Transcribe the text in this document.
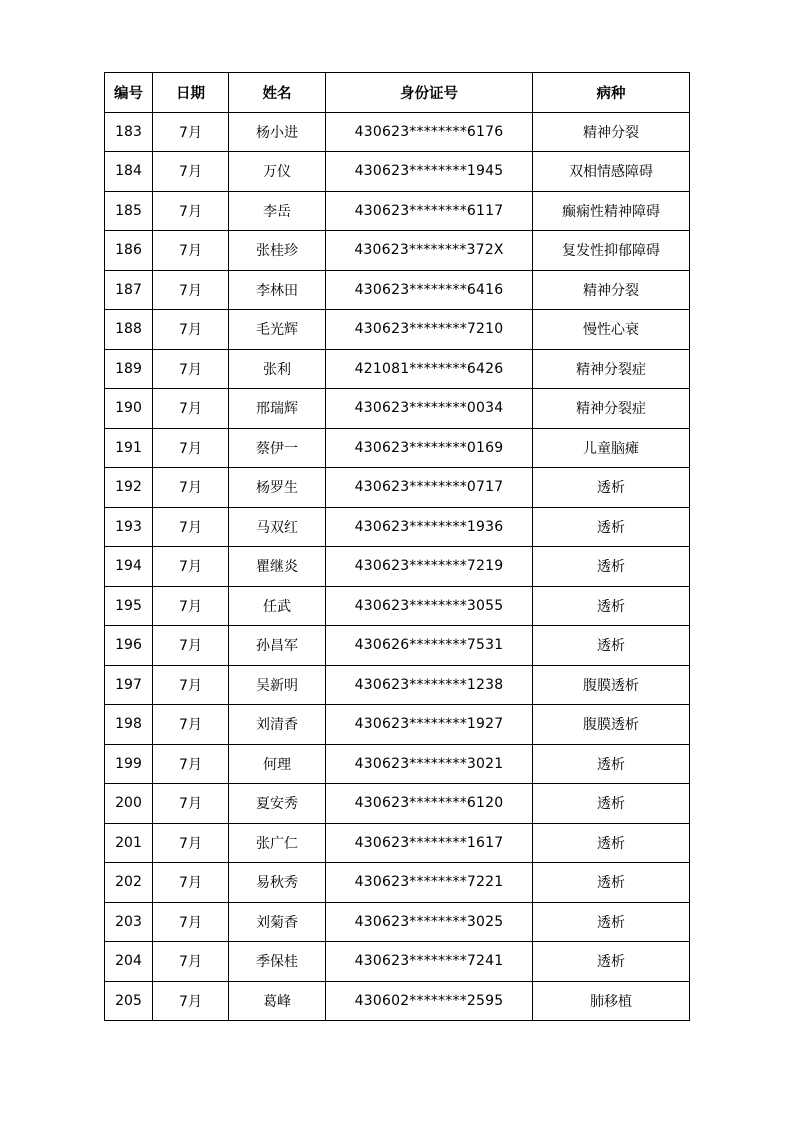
编号	日期	姓名	身份证号	病种
183	7月	杨小进	430623********6176	精神分裂
184	7月	万仪	430623********1945	双相情感障碍
185	7月	李岳	430623********6117	癫痫性精神障碍
186	7月	张桂珍	430623********372X	复发性抑郁障碍
187	7月	李林田	430623********6416	精神分裂
188	7月	毛光辉	430623********7210	慢性心衰
189	7月	张利	421081********6426	精神分裂症
190	7月	邢瑞辉	430623********0034	精神分裂症
191	7月	蔡伊一	430623********0169	儿童脑瘫
192	7月	杨罗生	430623********0717	透析
193	7月	马双红	430623********1936	透析
194	7月	瞿继炎	430623********7219	透析
195	7月	任武	430623********3055	透析
196	7月	孙昌军	430626********7531	透析
197	7月	吴新明	430623********1238	腹膜透析
198	7月	刘清香	430623********1927	腹膜透析
199	7月	何理	430623********3021	透析
200	7月	夏安秀	430623********6120	透析
201	7月	张广仁	430623********1617	透析
202	7月	易秋秀	430623********7221	透析
203	7月	刘菊香	430623********3025	透析
204	7月	季保桂	430623********7241	透析
205	7月	葛峰	430602********2595	肺移植
